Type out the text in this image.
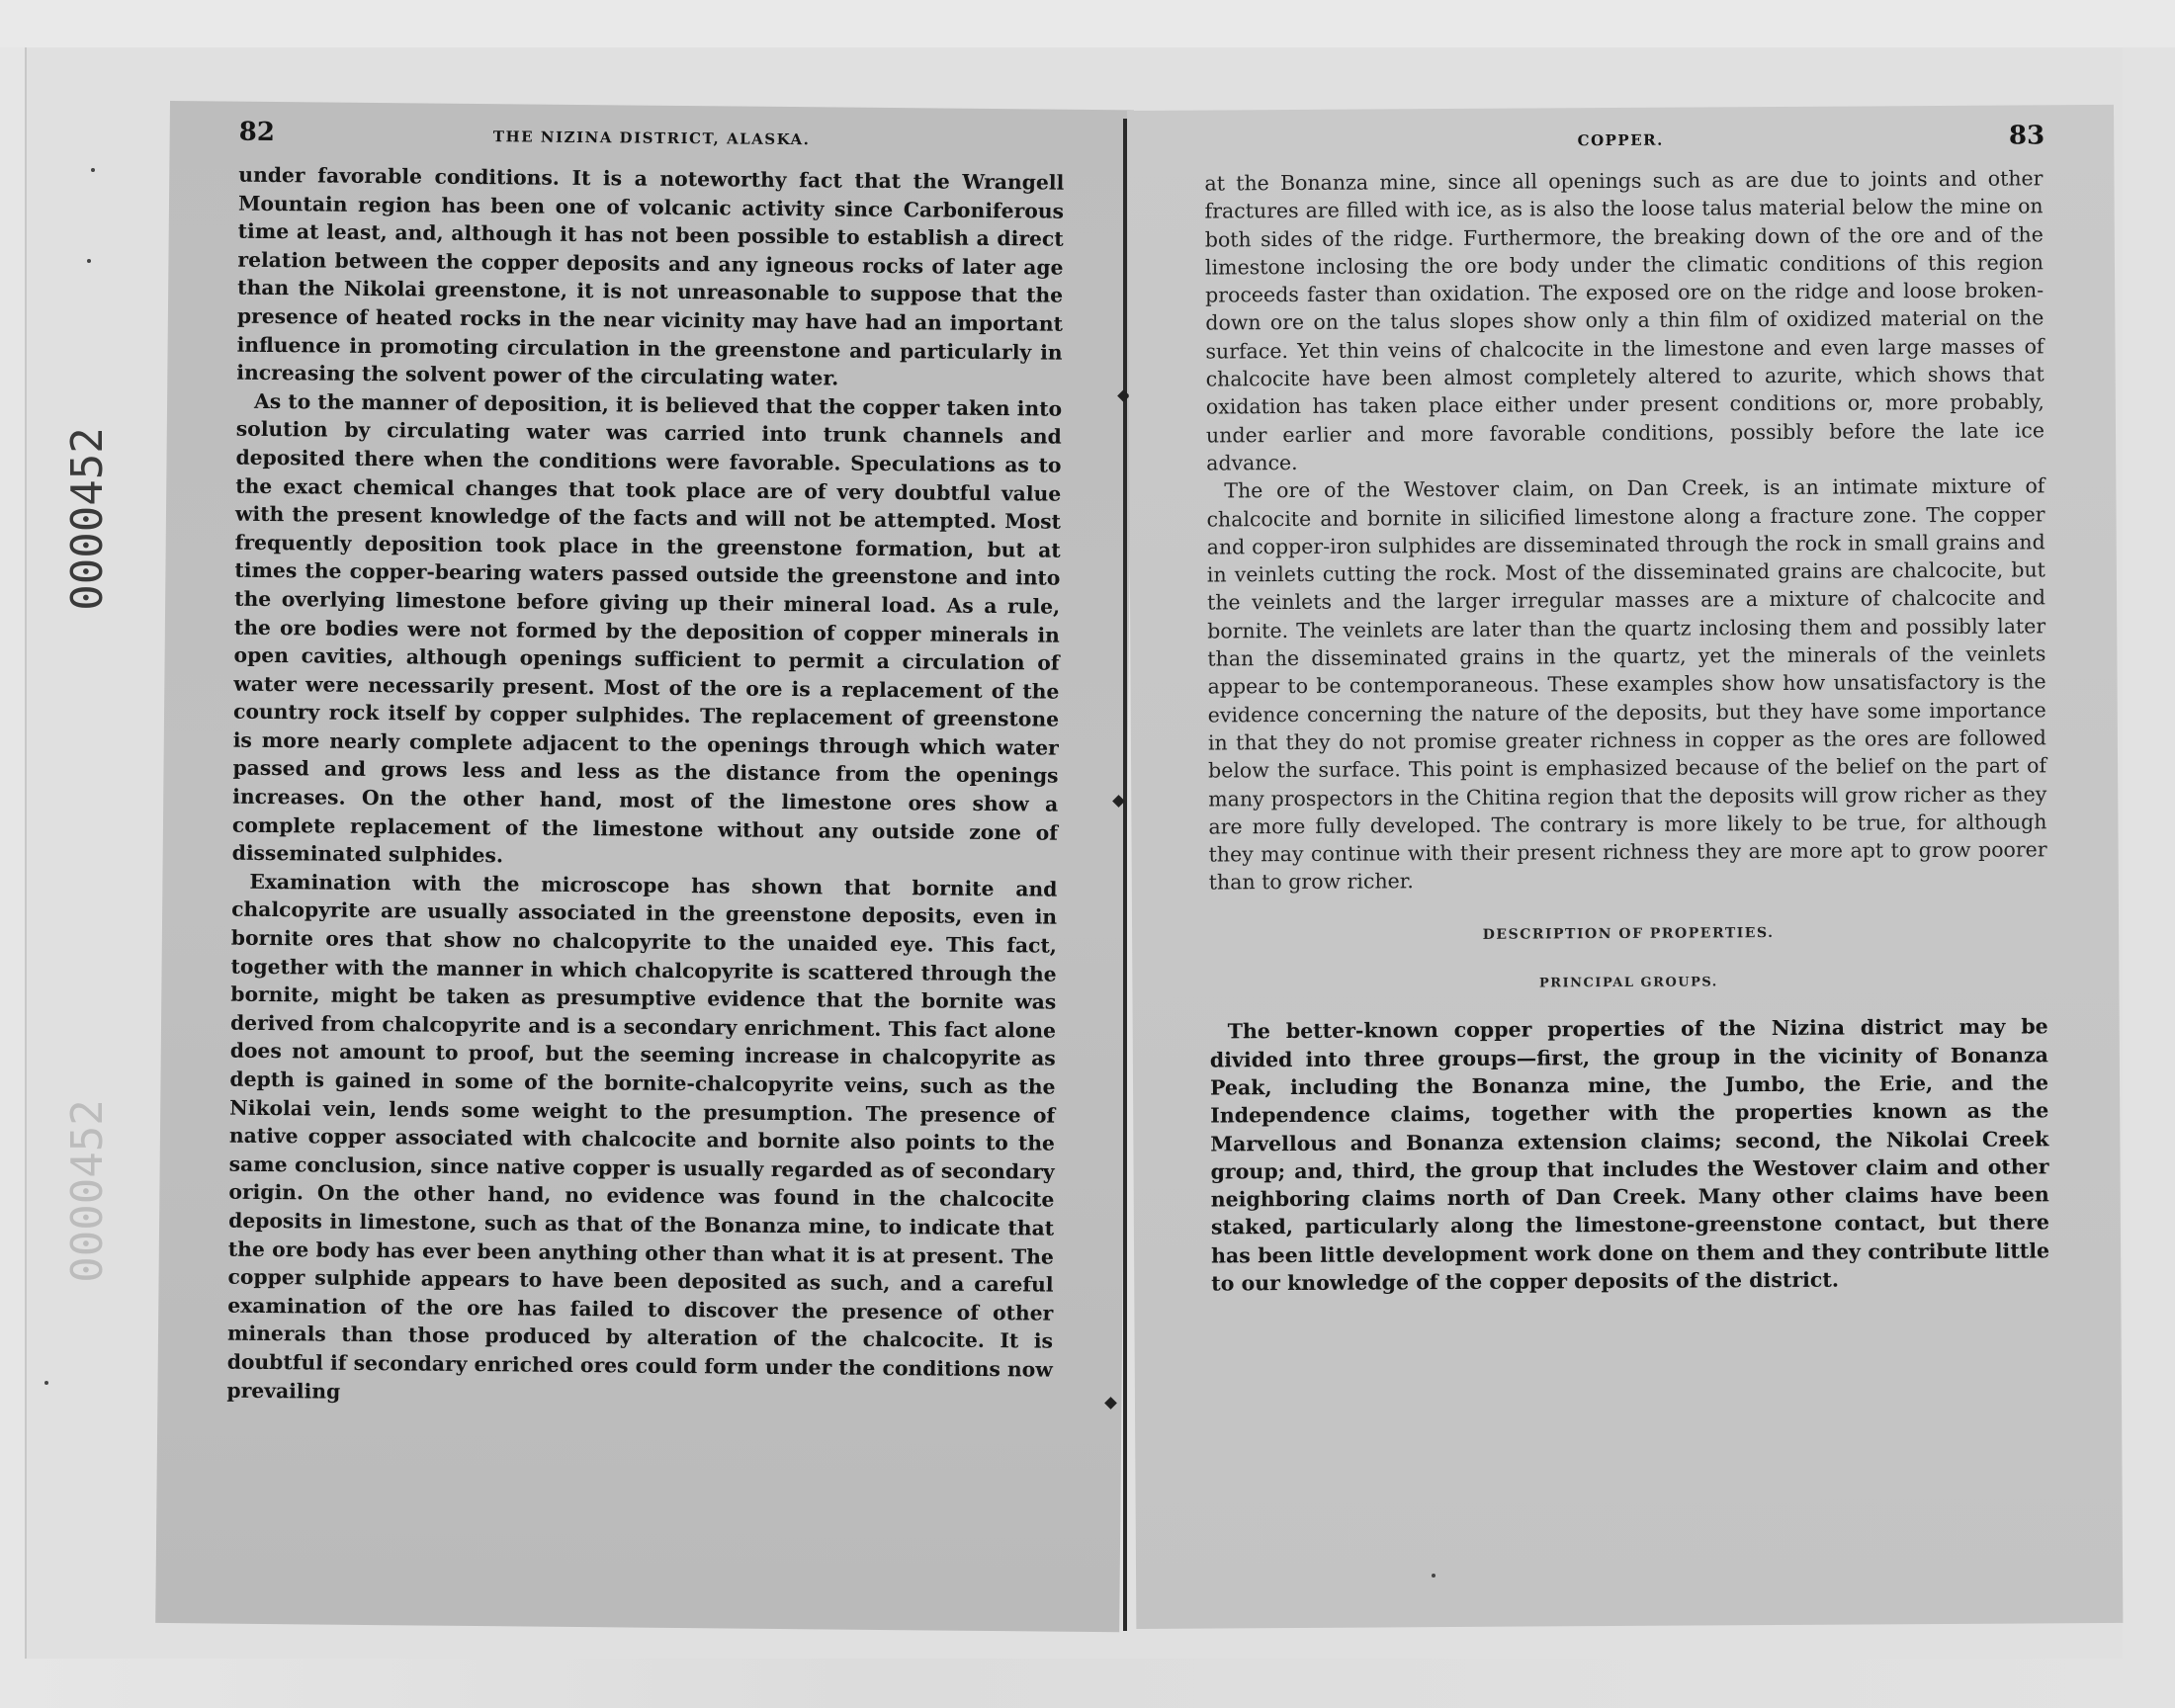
0000452
0000452
82	THE NIZINA DISTRICT, ALASKA.

under favorable conditions. It is a noteworthy fact that the Wrangell Mountain region has been one of volcanic activity since Carboniferous time at least, and, although it has not been possible to establish a direct relation between the copper deposits and any igneous rocks of later age than the Nikolai greenstone, it is not unreasonable to suppose that the presence of heated rocks in the near vicinity may have had an important influence in promoting circulation in the greenstone and particularly in increasing the solvent power of the circulating water.

As to the manner of deposition, it is believed that the copper taken into solution by circulating water was carried into trunk channels and deposited there when the conditions were favorable. Speculations as to the exact chemical changes that took place are of very doubtful value with the present knowledge of the facts and will not be attempted. Most frequently deposition took place in the greenstone formation, but at times the copper-bearing waters passed outside the greenstone and into the overlying limestone before giving up their mineral load. As a rule, the ore bodies were not formed by the deposition of copper minerals in open cavities, although openings sufficient to permit a circulation of water were necessarily present. Most of the ore is a replacement of the country rock itself by copper sulphides. The replacement of greenstone is more nearly complete adjacent to the openings through which water passed and grows less and less as the distance from the openings increases. On the other hand, most of the limestone ores show a complete replacement of the limestone without any outside zone of disseminated sulphides.

Examination with the microscope has shown that bornite and chalcopyrite are usually associated in the greenstone deposits, even in bornite ores that show no chalcopyrite to the unaided eye. This fact, together with the manner in which chalcopyrite is scattered through the bornite, might be taken as presumptive evidence that the bornite was derived from chalcopyrite and is a secondary enrichment. This fact alone does not amount to proof, but the seeming increase in chalcopyrite as depth is gained in some of the bornite-chalcopyrite veins, such as the Nikolai vein, lends some weight to the presumption. The presence of native copper associated with chalcocite and bornite also points to the same conclusion, since native copper is usually regarded as of secondary origin. On the other hand, no evidence was found in the chalcocite deposits in limestone, such as that of the Bonanza mine, to indicate that the ore body has ever been anything other than what it is at present. The copper sulphide appears to have been deposited as such, and a careful examination of the ore has failed to discover the presence of other minerals than those produced by alteration of the chalcocite. It is doubtful if secondary enriched ores could form under the conditions now prevailing

COPPER.	83

at the Bonanza mine, since all openings such as are due to joints and other fractures are filled with ice, as is also the loose talus material below the mine on both sides of the ridge. Furthermore, the breaking down of the ore and of the limestone inclosing the ore body under the climatic conditions of this region proceeds faster than oxidation. The exposed ore on the ridge and loose broken-down ore on the talus slopes show only a thin film of oxidized material on the surface. Yet thin veins of chalcocite in the limestone and even large masses of chalcocite have been almost completely altered to azurite, which shows that oxidation has taken place either under present conditions or, more probably, under earlier and more favorable conditions, possibly before the late ice advance.

The ore of the Westover claim, on Dan Creek, is an intimate mixture of chalcocite and bornite in silicified limestone along a fracture zone. The copper and copper-iron sulphides are disseminated through the rock in small grains and in veinlets cutting the rock. Most of the disseminated grains are chalcocite, but the veinlets and the larger irregular masses are a mixture of chalcocite and bornite. The veinlets are later than the quartz inclosing them and possibly later than the disseminated grains in the quartz, yet the minerals of the veinlets appear to be contemporaneous. These examples show how unsatisfactory is the evidence concerning the nature of the deposits, but they have some importance in that they do not promise greater richness in copper as the ores are followed below the surface. This point is emphasized because of the belief on the part of many prospectors in the Chitina region that the deposits will grow richer as they are more fully developed. The contrary is more likely to be true, for although they may continue with their present richness they are more apt to grow poorer than to grow richer.

DESCRIPTION OF PROPERTIES.
PRINCIPAL GROUPS.

The better-known copper properties of the Nizina district may be divided into three groups—first, the group in the vicinity of Bonanza Peak, including the Bonanza mine, the Jumbo, the Erie, and the Independence claims, together with the properties known as the Marvellous and Bonanza extension claims; second, the Nikolai Creek group; and, third, the group that includes the Westover claim and other neighboring claims north of Dan Creek. Many other claims have been staked, particularly along the limestone-greenstone contact, but there has been little development work done on them and they contribute little to our knowledge of the copper deposits of the district.
